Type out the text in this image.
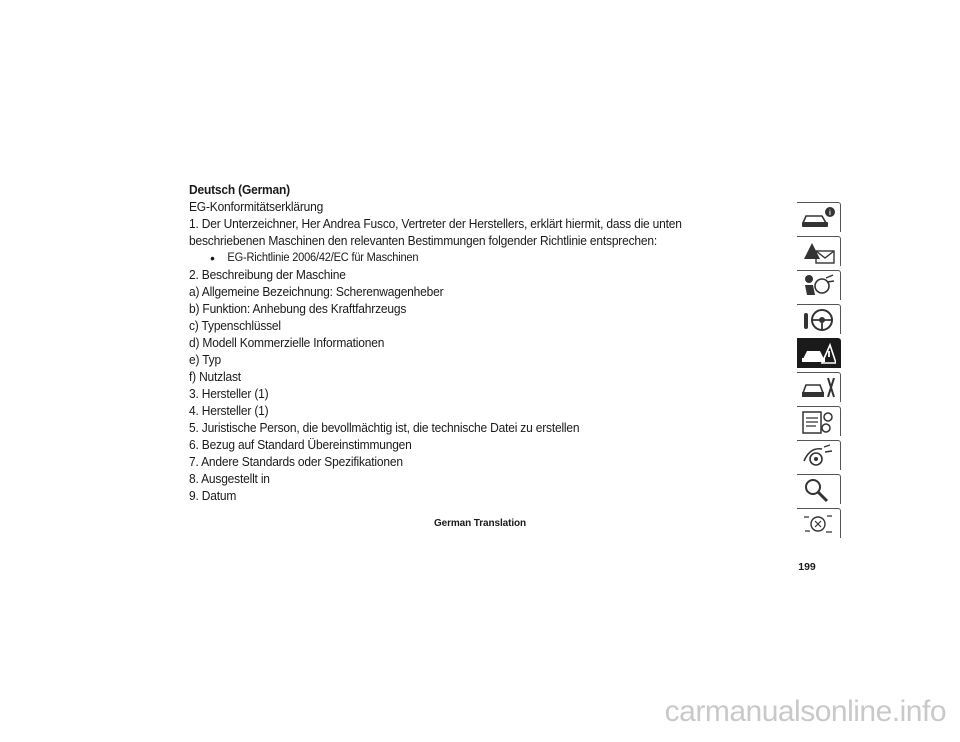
Deutsch (German)
EG-Konformitätserklärung
1. Der Unterzeichner, Her Andrea Fusco, Vertreter der Herstellers, erklärt hiermit, dass die unten
beschriebenen Maschinen den relevanten Bestimmungen folgender Richtlinie entsprechen:
•	EG-Richtlinie 2006/42/EC für Maschinen
2. Beschreibung der Maschine
a) Allgemeine Bezeichnung: Scherenwagenheber
b) Funktion: Anhebung des Kraftfahrzeugs
c) Typenschlüssel
d) Modell Kommerzielle Informationen
e) Typ
f) Nutzlast
3. Hersteller (1)
4. Hersteller (1)
5. Juristische Person, die bevollmächtig ist, die technische Datei zu erstellen
6. Bezug auf Standard Übereinstimmungen
7. Andere Standards oder Spezifikationen
8. Ausgestellt in
9. Datum
German Translation
199
i
carmanualsonline.info
